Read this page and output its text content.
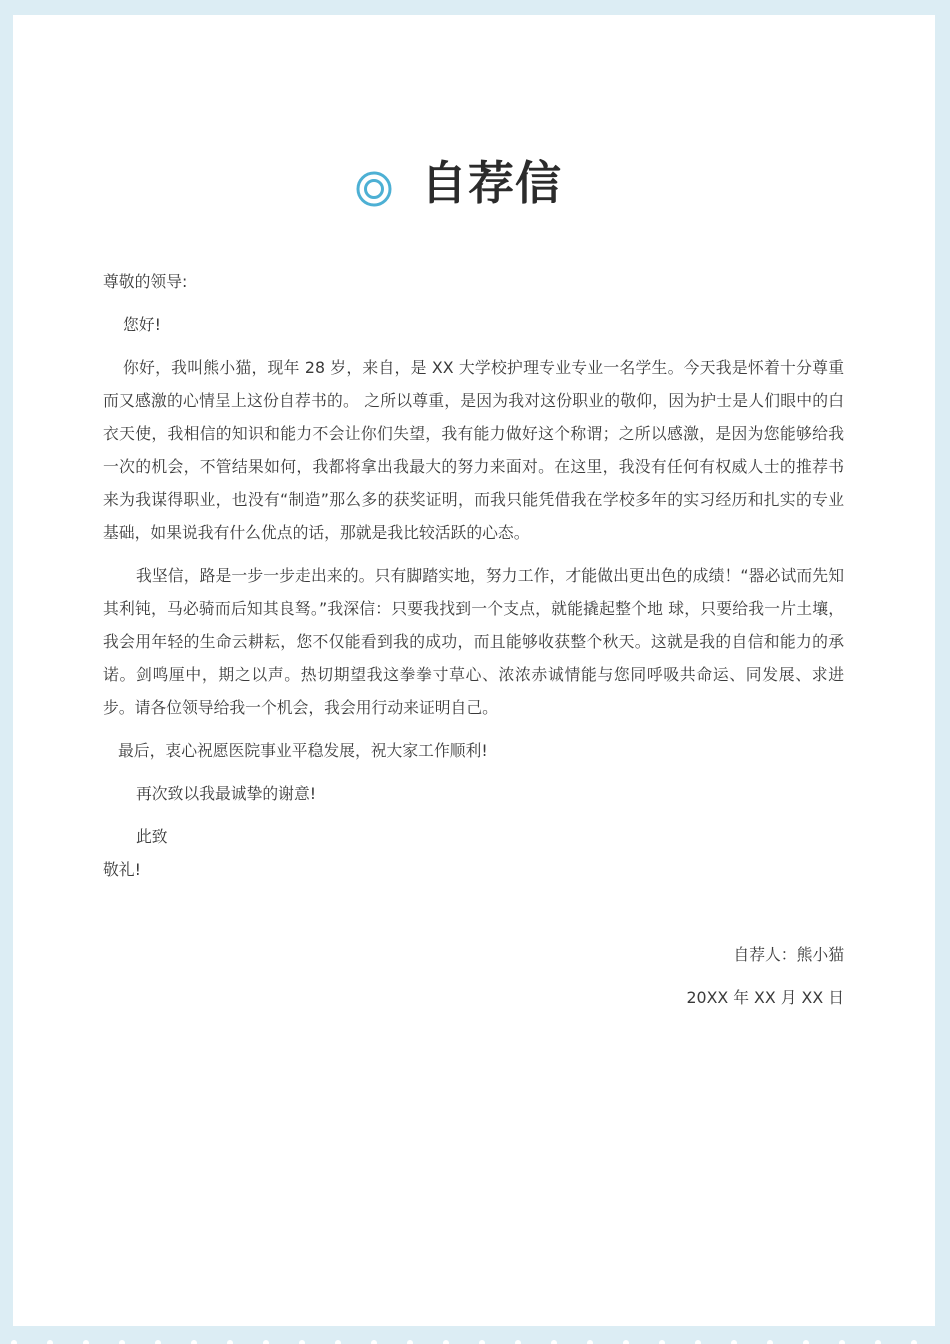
自荐信

尊敬的领导:

您好!

你好，我叫熊小猫，现年 28 岁，来自，是 XX 大学校护理专业专业一名学生。今天我是怀着十分尊重而又感激的心情呈上这份自荐书的。 之所以尊重，是因为我对这份职业的敬仰，因为护士是人们眼中的白衣天使，我相信的知识和能力不会让你们失望，我有能力做好这个称谓；之所以感激，是因为您能够给我一次的机会，不管结果如何，我都将拿出我最大的努力来面对。在这里，我没有任何有权威人士的推荐书来为我谋得职业，也没有“制造”那么多的获奖证明，而我只能凭借我在学校多年的实习经历和扎实的专业基础，如果说我有什么优点的话，那就是我比较活跃的心态。

我坚信，路是一步一步走出来的。只有脚踏实地，努力工作，才能做出更出色的成绩！“器必试而先知其利钝，马必骑而后知其良驽。”我深信：只要我找到一个支点，就能撬起整个地 球，只要给我一片土壤，我会用年轻的生命云耕耘，您不仅能看到我的成功，而且能够收获整个秋天。这就是我的自信和能力的承诺。剑鸣厘中，期之以声。热切期望我这拳拳寸草心、浓浓赤诚情能与您同呼吸共命运、同发展、求进步。请各位领导给我一个机会，我会用行动来证明自己。

最后，衷心祝愿医院事业平稳发展，祝大家工作顺利!

再次致以我最诚挚的谢意!

此致

敬礼!

自荐人：熊小猫

20XX 年 XX 月 XX 日
